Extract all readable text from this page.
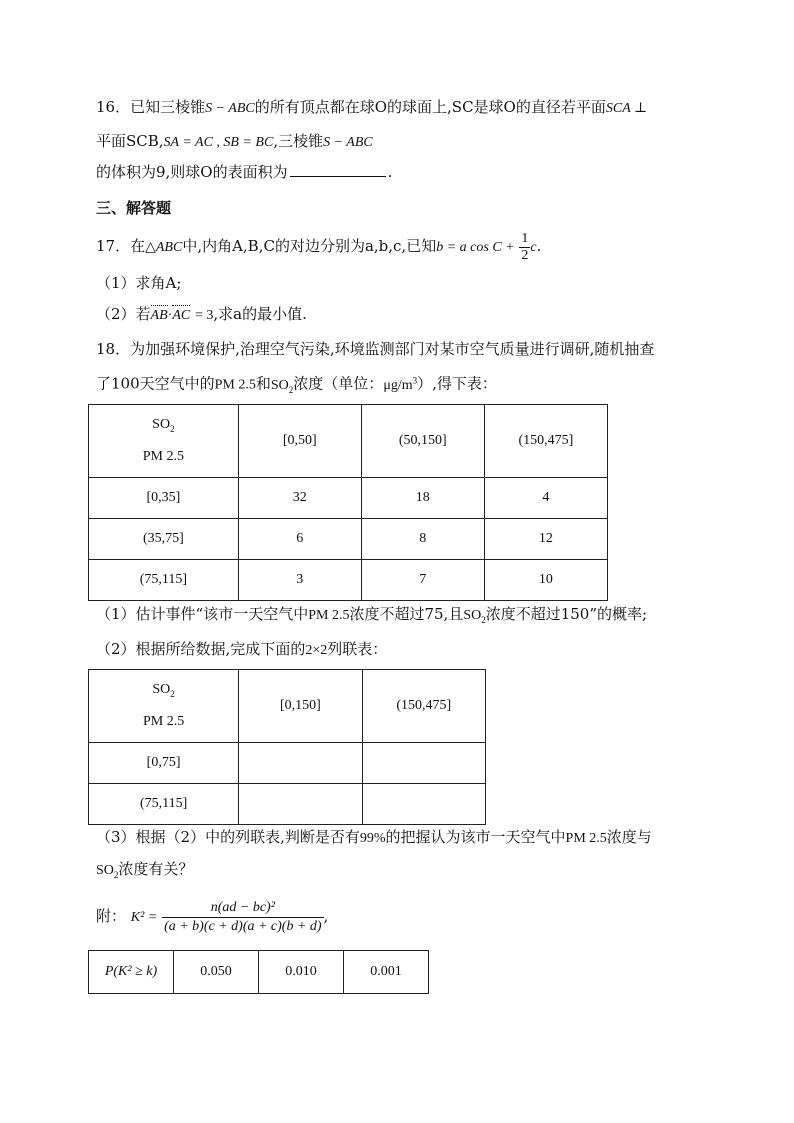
16．已知三棱锥S − ABC的所有顶点都在球O的球面上,SC是球O的直径若平面SCA ⊥
平面SCB,SA = AC , SB = BC,三棱锥S − ABC
的体积为9,则球O的表面积为	.
三、解答题
17．在△ABC中,内角A,B,C的对边分别为a,b,c,已知b = a $\cos C + \frac{1}{2} c$.
（1）求角A;
（2）若AB·AC = 3,求a的最小值.
18．为加强环境保护,治理空气污染,环境监测部门对某市空气质量进行调研,随机抽查
了100天空气中的PM 2.5和$SO_2$浓度（单位：$\mu g/m^3$）,得下表：
$SO_2$
PM 2.5	[0,50]	(50,150]	(150,475]
[0,35]	32	18	4
(35,75]	6	8	12
(75,115]	3	7	10
（1）估计事件“该市一天空气中PM 2.5浓度不超过75,且$SO_2$浓度不超过150”的概率;
（2）根据所给数据,完成下面的2×2列联表：
$SO_2$
PM 2.5	[0,150]	(150,475]
[0,75]		
(75,115]		
（3）根据（2）中的列联表,判断是否有99%的把握认为该市一天空气中PM 2.5浓度与
$SO_2$浓度有关？
附： $K^2 = \frac{\text{n(ad − bc)²}}{(a + b)(c + d)(a + c)(b + d)}$ ,
P(K² ≥ k)	0.050	0.010	0.001
